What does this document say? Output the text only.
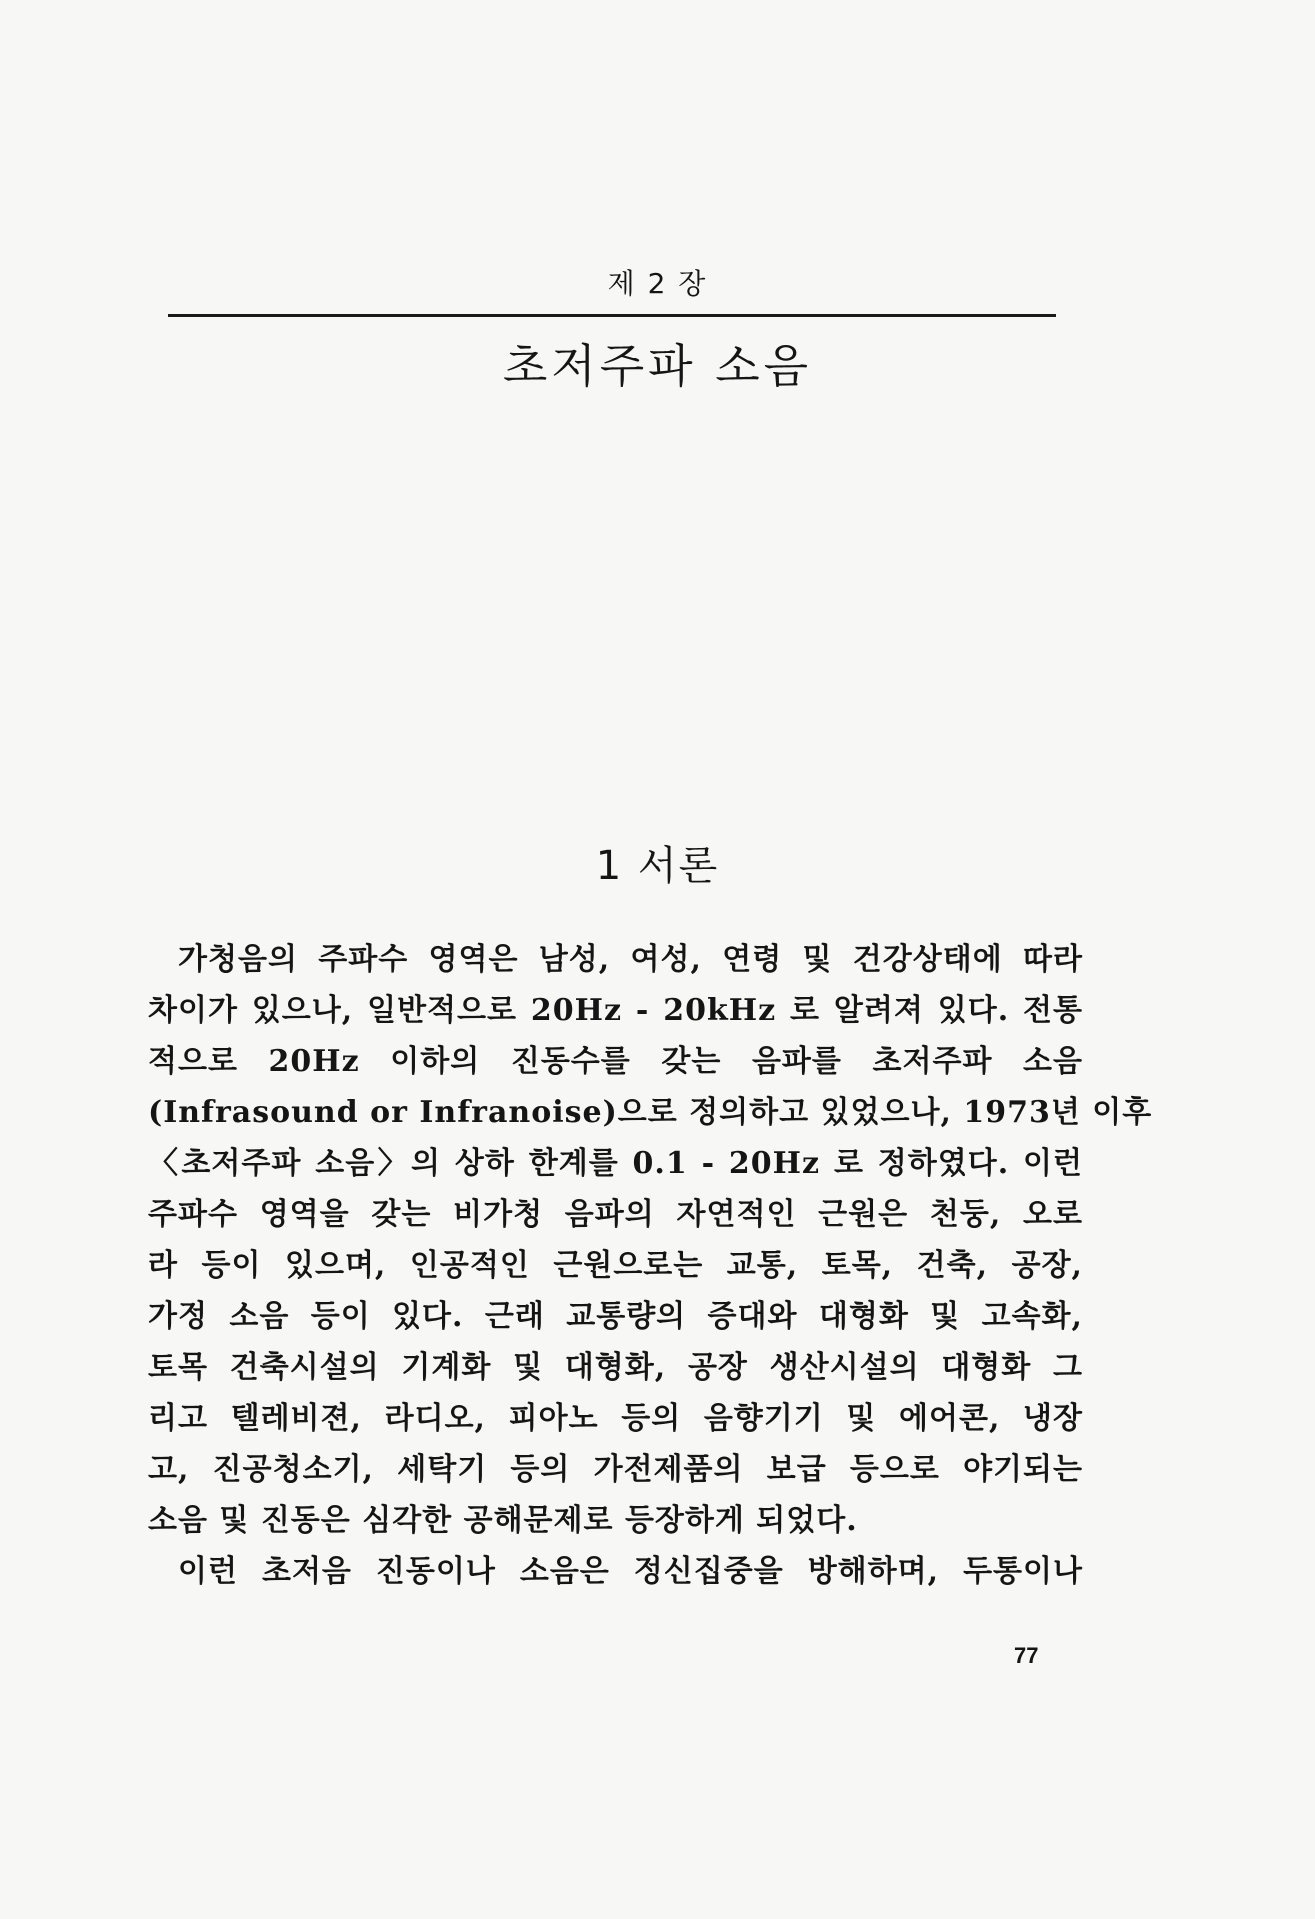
제 2 장
초저주파 소음
1 서론
가청음의 주파수 영역은 남성, 여성, 연령 및 건강상태에 따라
차이가 있으나, 일반적으로 20Hz - 20kHz 로 알려져 있다. 전통
적으로 20Hz 이하의 진동수를 갖는 음파를 초저주파 소음
(Infrasound or Infranoise)으로 정의하고 있었으나, 1973년 이후
〈초저주파 소음〉의 상하 한계를 0.1 - 20Hz 로 정하였다. 이런
주파수 영역을 갖는 비가청 음파의 자연적인 근원은 천둥, 오로
라 등이 있으며, 인공적인 근원으로는 교통, 토목, 건축, 공장,
가정 소음 등이 있다. 근래 교통량의 증대와 대형화 및 고속화,
토목 건축시설의 기계화 및 대형화, 공장 생산시설의 대형화 그
리고 텔레비젼, 라디오, 피아노 등의 음향기기 및 에어콘, 냉장
고, 진공청소기, 세탁기 등의 가전제품의 보급 등으로 야기되는
소음 및 진동은 심각한 공해문제로 등장하게 되었다.
이런 초저음 진동이나 소음은 정신집중을 방해하며, 두통이나
77
